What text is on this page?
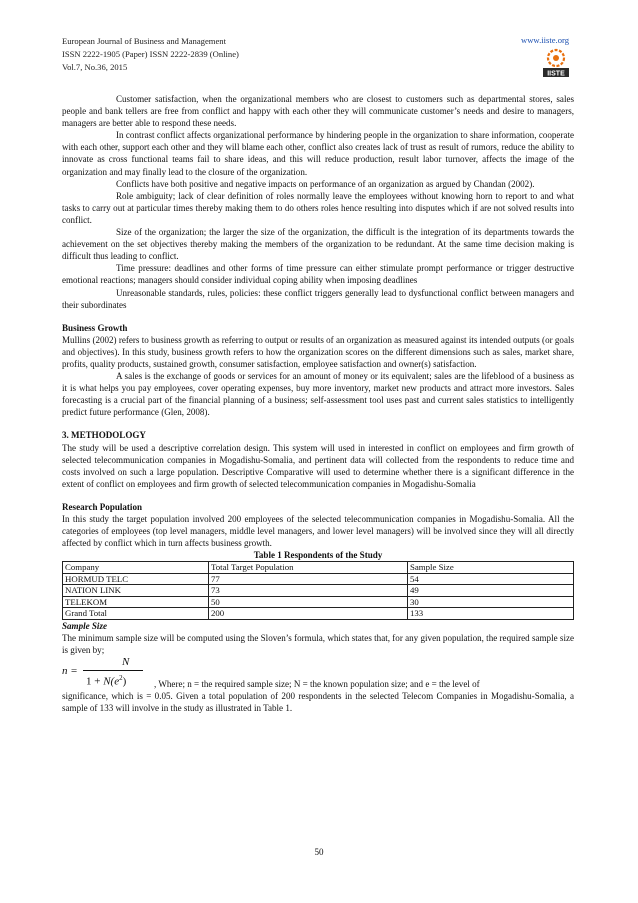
European Journal of Business and Management
ISSN 2222-1905 (Paper) ISSN 2222-2839 (Online)
Vol.7, No.36, 2015
www.iiste.org
IISTE

Customer satisfaction, when the organizational members who are closest to customers such as departmental stores, sales people and bank tellers are free from conflict and happy with each other they will communicate customer’s needs and desire to managers, managers are better able to respond these needs.

In contrast conflict affects organizational performance by hindering people in the organization to share information, cooperate with each other, support each other and they will blame each other, conflict also creates lack of trust as result of rumors, reduce the ability to innovate as cross functional teams fail to share ideas, and this will reduce production, result labor turnover, affects the image of the organization and may finally lead to the closure of the organization.

Conflicts have both positive and negative impacts on performance of an organization as argued by Chandan (2002).

Role ambiguity; lack of clear definition of roles normally leave the employees without knowing horn to report to and what tasks to carry out at particular times thereby making them to do others roles hence resulting into disputes which if are not solved results into conflict.

Size of the organization; the larger the size of the organization, the difficult is the integration of its departments towards the achievement on the set objectives thereby making the members of the organization to be redundant. At the same time decision making is difficult thus leading to conflict.

Time pressure: deadlines and other forms of time pressure can either stimulate prompt performance or trigger destructive emotional reactions; managers should consider individual coping ability when imposing deadlines

Unreasonable standards, rules, policies: these conflict triggers generally lead to dysfunctional conflict between managers and their subordinates

Business Growth

Mullins (2002) refers to business growth as referring to output or results of an organization as measured against its intended outputs (or goals and objectives). In this study, business growth refers to how the organization scores on the different dimensions such as sales, market share, profits, quality products, sustained growth, consumer satisfaction, employee satisfaction and owner(s) satisfaction.

A sales is the exchange of goods or services for an amount of money or its equivalent; sales are the lifeblood of a business as it is what helps you pay employees, cover operating expenses, buy more inventory, market new products and attract more investors. Sales forecasting is a crucial part of the financial planning of a business; self-assessment tool uses past and current sales statistics to intelligently predict future performance (Glen, 2008).

3. METHODOLOGY

The study will be used a descriptive correlation design. This system will used in interested in conflict on employees and firm growth of selected telecommunication companies in Mogadishu-Somalia, and pertinent data will collected from the respondents to reduce time and costs involved on such a large population. Descriptive Comparative will used to determine whether there is a significant difference in the extent of conflict on employees and firm growth of selected telecommunication companies in Mogadishu-Somalia

Research Population

In this study the target population involved 200 employees of the selected telecommunication companies in Mogadishu-Somalia. All the categories of employees (top level managers, middle level managers, and lower level managers) will be involved since they will all directly affected by conflict which in turn affects business growth.

Table 1 Respondents of the Study

Company	Total Target Population	Sample Size
HORMUD TELC	77	54
NATION LINK	73	49
TELEKOM	50	30
Grand Total	200	133

Sample Size

The minimum sample size will be computed using the Sloven’s formula, which states that, for any given population, the required sample size is given by;

n =
N
$1 + N(e^2)$	, Where; n = the required sample size; N = the known population size; and e = the level of

significance, which is = 0.05. Given a total population of 200 respondents in the selected Telecom Companies in Mogadishu-Somalia, a sample of 133 will involve in the study as illustrated in Table 1.

50
